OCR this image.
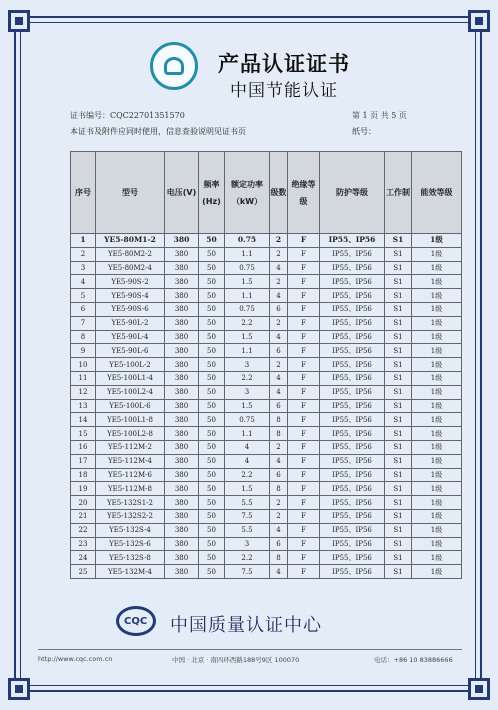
产品认证证书
中国节能认证
证书编号：CQC22701351570	第 1 页 共 5 页
本证书及附件应同时使用，信息查验说明见证书页	纸号：
序号	型号	电压(V)	频率(Hz)	额定功率（kW）	级数	绝缘等级	防护等级	工作制	能效等级
1	YE5-80M1-2	380	50	0.75	2	F	IP55、IP56	S1	1级
2	YE5-80M2-2	380	50	1.1	2	F	IP55、IP56	S1	1级
3	YE5-80M2-4	380	50	0.75	4	F	IP55、IP56	S1	1级
4	YE5-90S-2	380	50	1.5	2	F	IP55、IP56	S1	1级
5	YE5-90S-4	380	50	1.1	4	F	IP55、IP56	S1	1级
6	YE5-90S-6	380	50	0.75	6	F	IP55、IP56	S1	1级
7	YE5-90L-2	380	50	2.2	2	F	IP55、IP56	S1	1级
8	YE5-90L-4	380	50	1.5	4	F	IP55、IP56	S1	1级
9	YE5-90L-6	380	50	1.1	6	F	IP55、IP56	S1	1级
10	YE5-100L-2	380	50	3	2	F	IP55、IP56	S1	1级
11	YE5-100L1-4	380	50	2.2	4	F	IP55、IP56	S1	1级
12	YE5-100L2-4	380	50	3	4	F	IP55、IP56	S1	1级
13	YE5-100L-6	380	50	1.5	6	F	IP55、IP56	S1	1级
14	YE5-100L1-8	380	50	0.75	8	F	IP55、IP56	S1	1级
15	YE5-100L2-8	380	50	1.1	8	F	IP55、IP56	S1	1级
16	YE5-112M-2	380	50	4	2	F	IP55、IP56	S1	1级
17	YE5-112M-4	380	50	4	4	F	IP55、IP56	S1	1级
18	YE5-112M-6	380	50	2.2	6	F	IP55、IP56	S1	1级
19	YE5-112M-8	380	50	1.5	8	F	IP55、IP56	S1	1级
20	YE5-132S1-2	380	50	5.5	2	F	IP55、IP56	S1	1级
21	YE5-132S2-2	380	50	7.5	2	F	IP55、IP56	S1	1级
22	YE5-132S-4	380	50	5.5	4	F	IP55、IP56	S1	1级
23	YE5-132S-6	380	50	3	6	F	IP55、IP56	S1	1级
24	YE5-132S-8	380	50	2.2	8	F	IP55、IP56	S1	1级
25	YE5-132M-4	380	50	7.5	4	F	IP55、IP56	S1	1级
CQC 中国质量认证中心
http://www.cqc.com.cn	中国 · 北京 · 南四环西路188号9区 100070	电话：+86 10 83886666
